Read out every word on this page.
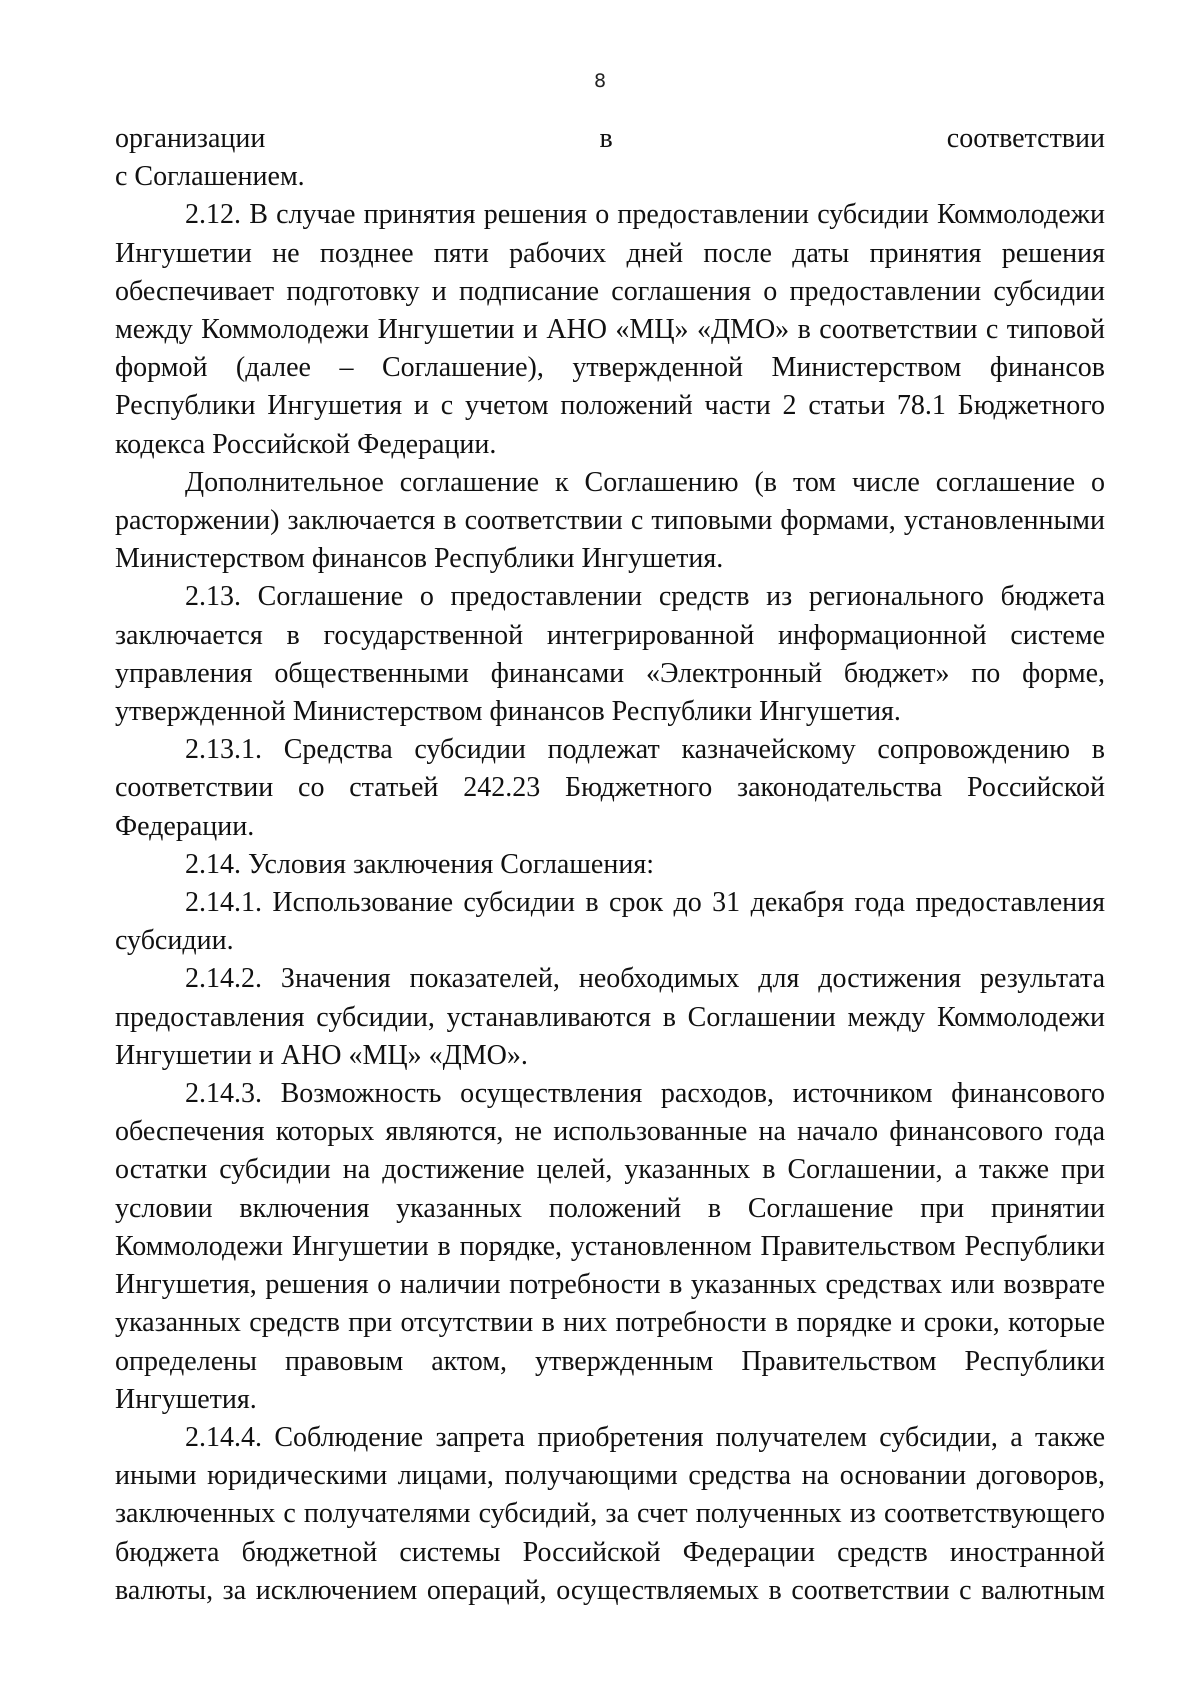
8

организации в соответствии

с Соглашением.

2.12. В случае принятия решения о предоставлении субсидии Коммолодежи Ингушетии не позднее пяти рабочих дней после даты принятия решения обеспечивает подготовку и подписание соглашения о предоставлении субсидии между Коммолодежи Ингушетии и АНО «МЦ» «ДМО» в соответствии с типовой формой (далее – Соглашение), утвержденной Министерством финансов Республики Ингушетия и с учетом положений части 2 статьи 78.1 Бюджетного кодекса Российской Федерации.

Дополнительное соглашение к Соглашению (в том числе соглашение о расторжении) заключается в соответствии с типовыми формами, установленными Министерством финансов Республики Ингушетия.

2.13. Соглашение о предоставлении средств из регионального бюджета заключается в государственной интегрированной информационной системе управления общественными финансами «Электронный бюджет» по форме, утвержденной Министерством финансов Республики Ингушетия.

2.13.1. Средства субсидии подлежат казначейскому сопровождению в соответствии со статьей 242.23 Бюджетного законодательства Российской Федерации.

2.14. Условия заключения Соглашения:

2.14.1. Использование субсидии в срок до 31 декабря года предоставления субсидии.

2.14.2. Значения показателей, необходимых для достижения результата предоставления субсидии, устанавливаются в Соглашении между Коммолодежи Ингушетии и АНО «МЦ» «ДМО».

2.14.3. Возможность осуществления расходов, источником финансового обеспечения которых являются, не использованные на начало финансового года остатки субсидии на достижение целей, указанных в Соглашении, а также при условии включения указанных положений в Соглашение при принятии Коммолодежи Ингушетии в порядке, установленном Правительством Республики Ингушетия, решения о наличии потребности в указанных средствах или возврате указанных средств при отсутствии в них потребности в порядке и сроки, которые определены правовым актом, утвержденным Правительством Республики Ингушетия.

2.14.4. Соблюдение запрета приобретения получателем субсидии, а также иными юридическими лицами, получающими средства на основании договоров, заключенных с получателями субсидий, за счет полученных из соответствующего бюджета бюджетной системы Российской Федерации средств иностранной валюты, за исключением операций, осуществляемых в соответствии с валютным
